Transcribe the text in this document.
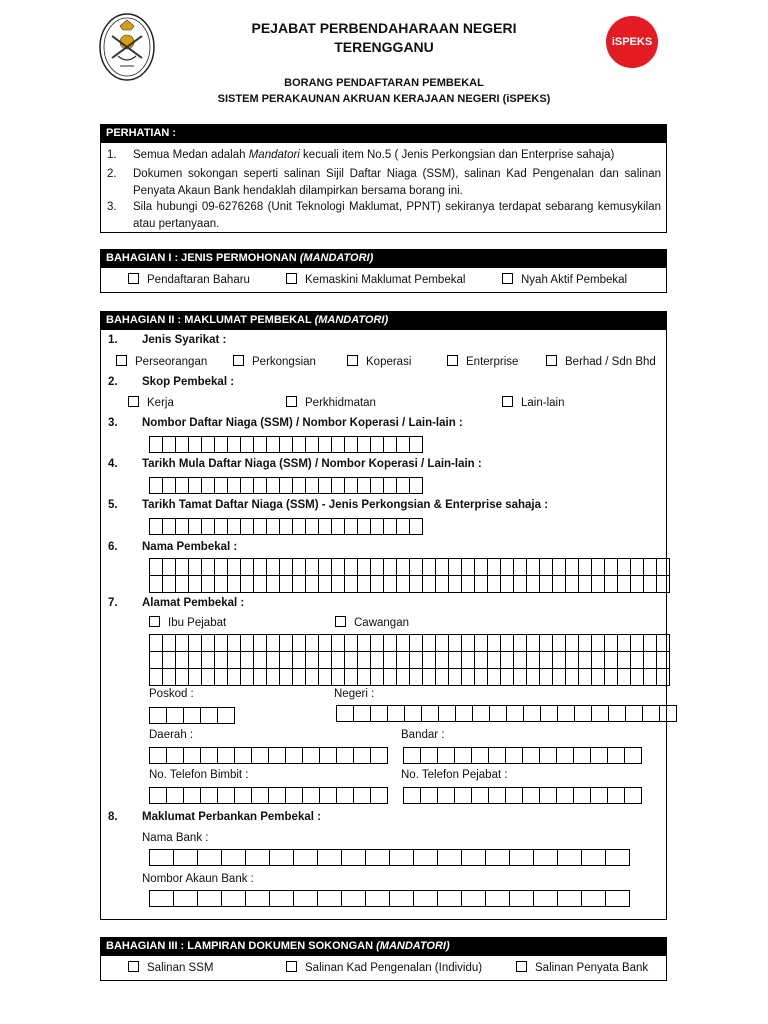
PEJABAT PERBENDAHARAAN NEGERI
TERENGGANU
BORANG PENDAFTARAN PEMBEKAL
SISTEM PERAKAUNAN AKRUAN KERAJAAN NEGERI (iSPEKS)
iSPEKS
PERHATIAN :
1. Semua Medan adalah Mandatori kecuali item No.5 ( Jenis Perkongsian dan Enterprise sahaja)
2. Dokumen sokongan seperti salinan Sijil Daftar Niaga (SSM), salinan Kad Pengenalan dan salinan Penyata Akaun Bank hendaklah dilampirkan bersama borang ini.
3. Sila hubungi 09-6276268 (Unit Teknologi Maklumat, PPNT) sekiranya terdapat sebarang kemusykilan atau pertanyaan.
BAHAGIAN I : JENIS PERMOHONAN (MANDATORI)
Pendaftaran Baharu	Kemaskini Maklumat Pembekal	Nyah Aktif Pembekal
BAHAGIAN II : MAKLUMAT PEMBEKAL (MANDATORI)
1. Jenis Syarikat :
Perseorangan	Perkongsian	Koperasi	Enterprise	Berhad / Sdn Bhd
2. Skop Pembekal :
Kerja	Perkhidmatan	Lain-lain
3. Nombor Daftar Niaga (SSM) / Nombor Koperasi / Lain-lain :
4. Tarikh Mula Daftar Niaga (SSM) / Nombor Koperasi / Lain-lain :
5. Tarikh Tamat Daftar Niaga (SSM) - Jenis Perkongsian & Enterprise sahaja :
6. Nama Pembekal :
7. Alamat Pembekal :
Ibu Pejabat	Cawangan
Poskod :	Negeri :
Daerah :	Bandar :
No. Telefon Bimbit :	No. Telefon Pejabat :
8. Maklumat Perbankan Pembekal :
Nama Bank :
Nombor Akaun Bank :
BAHAGIAN III : LAMPIRAN DOKUMEN SOKONGAN (MANDATORI)
Salinan SSM	Salinan Kad Pengenalan (Individu)	Salinan Penyata Bank
